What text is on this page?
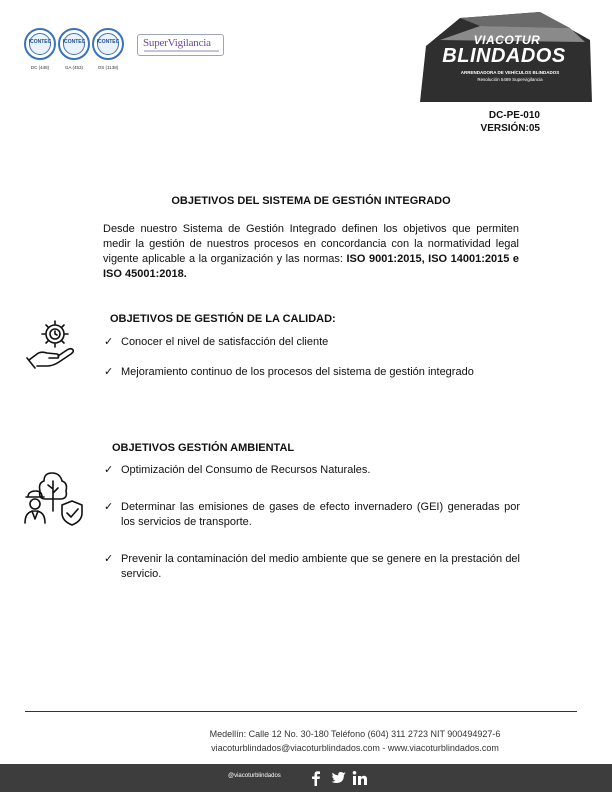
ICONTEC
DC (448)
ICONTEC
GA (453)
ICONTEC
OS (1138)
SuperVigilancia	VIACOTUR
BLINDADOS
ARRENDADORA DE VEHÍCULOS BLINDADOS
Resolución 5489 Supervigilancia
DC-PE-010
VERSIÓN:05
OBJETIVOS DEL SISTEMA DE GESTIÓN INTEGRADO
Desde nuestro Sistema de Gestión Integrado definen los objetivos que permiten medir la gestión de nuestros procesos en concordancia con la normatividad legal vigente aplicable a la organización y las normas: ISO 9001:2015, ISO 14001:2015 e ISO 45001:2018.
OBJETIVOS DE GESTIÓN DE LA CALIDAD:
✓ Conocer el nivel de satisfacción del cliente
✓ Mejoramiento continuo de los procesos del sistema de gestión integrado
OBJETIVOS GESTIÓN AMBIENTAL
✓ Optimización del Consumo de Recursos Naturales.
✓ Determinar las emisiones de gases de efecto invernadero (GEI) generadas por los servicios de transporte.
✓ Prevenir la contaminación del medio ambiente que se genere en la prestación del servicio.
Medellín: Calle 12 No. 30-180 Teléfono (604) 311 2723 NIT 900494927-6
viacoturblindados@viacoturblindados.com - www.viacoturblindados.com
@viacoturblindados
